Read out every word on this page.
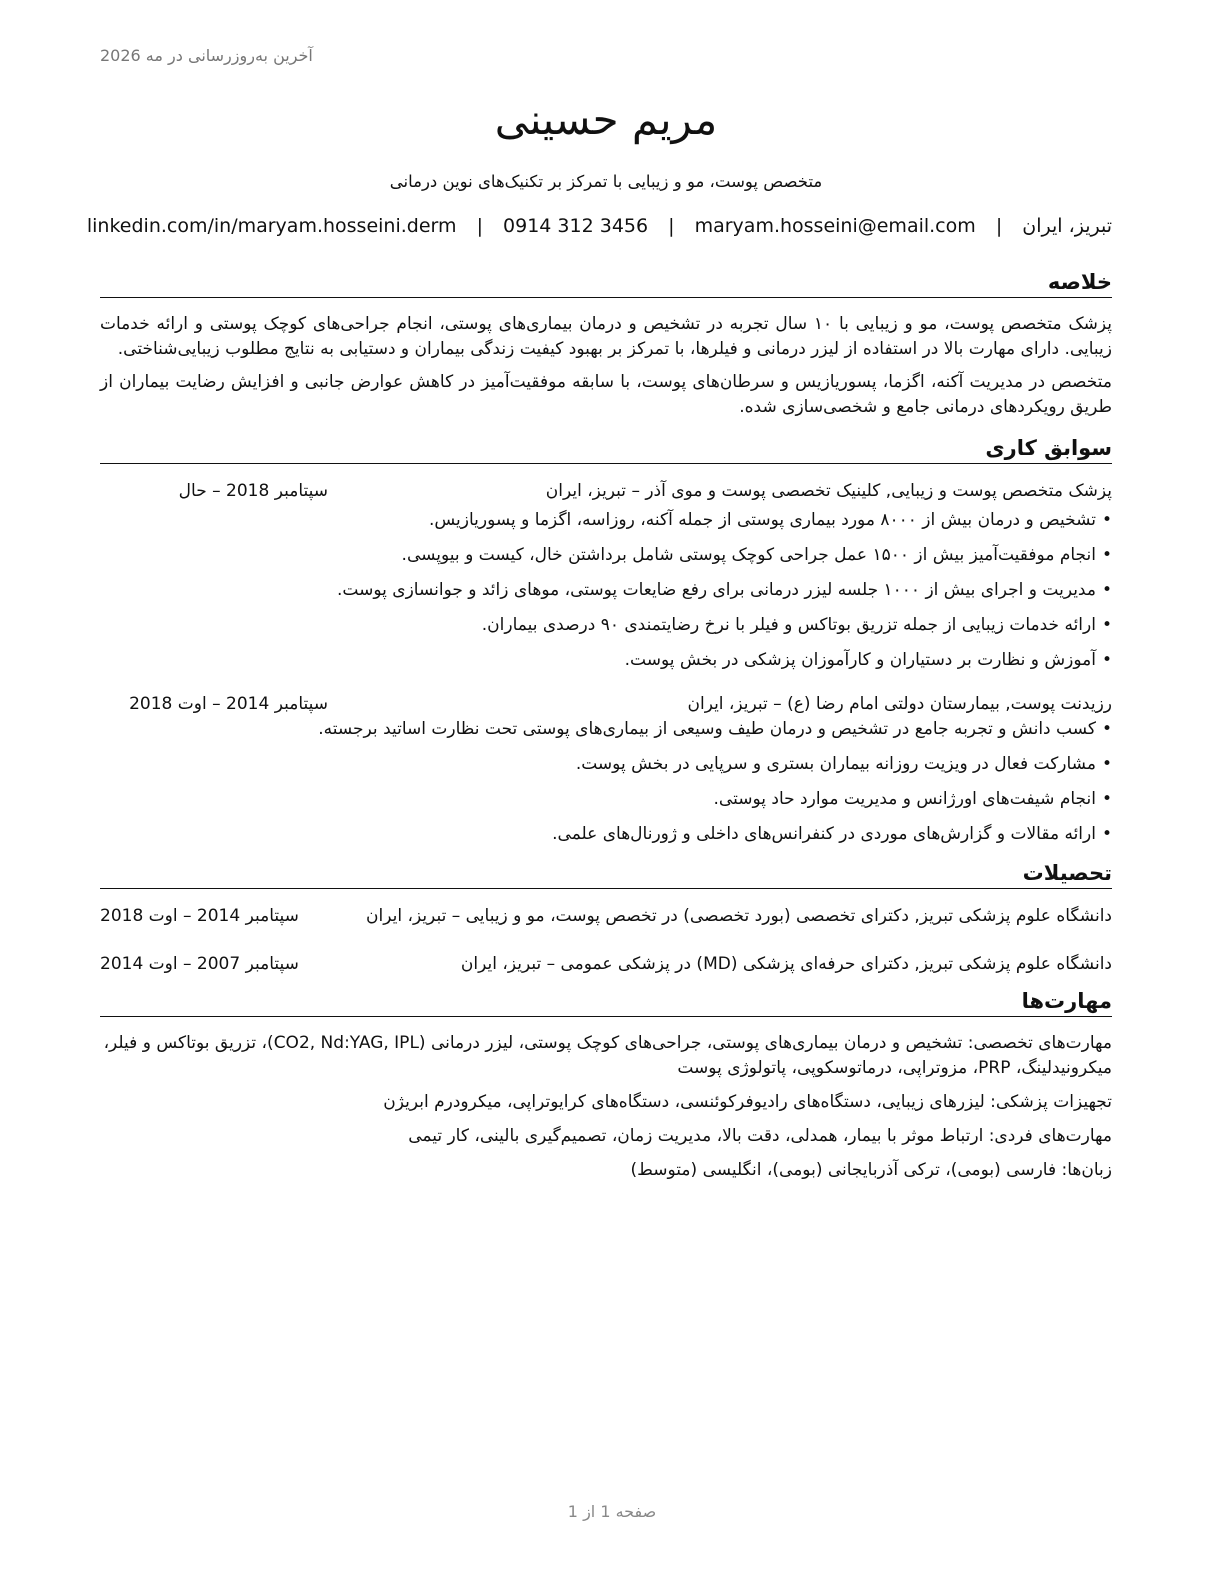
آخرین به‌روزرسانی در مه 2026
مریم حسینی
متخصص پوست، مو و زیبایی با تمرکز بر تکنیک‌های نوین درمانی
تبریز، ایران | maryam.hosseini@email.com | 0914 312 3456 | linkedin.com/in/maryam.hosseini.derm
خلاصه

پزشک متخصص پوست، مو و زیبایی با ۱۰ سال تجربه در تشخیص و درمان بیماری‌های پوستی، انجام جراحی‌های کوچک پوستی و ارائه خدمات زیبایی. دارای مهارت بالا در استفاده از لیزر درمانی و فیلرها، با تمرکز بر بهبود کیفیت زندگی بیماران و دستیابی به نتایج مطلوب زیبایی‌شناختی.

متخصص در مدیریت آکنه، اگزما، پسوریازیس و سرطان‌های پوست، با سابقه موفقیت‌آمیز در کاهش عوارض جانبی و افزایش رضایت بیماران از طریق رویکردهای درمانی جامع و شخصی‌سازی شده.

سوابق کاری
پزشک متخصص پوست و زیبایی, کلینیک تخصصی پوست و موی آذر – تبریز، ایران
سپتامبر 2018 – حال
•تشخیص و درمان بیش از ۸۰۰۰ مورد بیماری پوستی از جمله آکنه، روزاسه، اگزما و پسوریازیس.
•انجام موفقیت‌آمیز بیش از ۱۵۰۰ عمل جراحی کوچک پوستی شامل برداشتن خال، کیست و بیوپسی.
•مدیریت و اجرای بیش از ۱۰۰۰ جلسه لیزر درمانی برای رفع ضایعات پوستی، موهای زائد و جوانسازی پوست.
•ارائه خدمات زیبایی از جمله تزریق بوتاکس و فیلر با نرخ رضایتمندی ۹۰ درصدی بیماران.
•آموزش و نظارت بر دستیاران و کارآموزان پزشکی در بخش پوست.
رزیدنت پوست, بیمارستان دولتی امام رضا (ع) – تبریز، ایران
سپتامبر 2014 – اوت 2018
•کسب دانش و تجربه جامع در تشخیص و درمان طیف وسیعی از بیماری‌های پوستی تحت نظارت اساتید برجسته.
•مشارکت فعال در ویزیت روزانه بیماران بستری و سرپایی در بخش پوست.
•انجام شیفت‌های اورژانس و مدیریت موارد حاد پوستی.
•ارائه مقالات و گزارش‌های موردی در کنفرانس‌های داخلی و ژورنال‌های علمی.
تحصیلات
دانشگاه علوم پزشکی تبریز, دکترای تخصصی (بورد تخصصی) در تخصص پوست، مو و زیبایی – تبریز، ایران
سپتامبر 2014 – اوت 2018
دانشگاه علوم پزشکی تبریز, دکترای حرفه‌ای پزشکی (MD) در پزشکی عمومی – تبریز، ایران
سپتامبر 2007 – اوت 2014
مهارت‌ها

مهارت‌های تخصصی: تشخیص و درمان بیماری‌های پوستی، جراحی‌های کوچک پوستی، لیزر درمانی (CO2, Nd:YAG, IPL)، تزریق بوتاکس و فیلر، میکرونیدلینگ، PRP، مزوتراپی، درماتوسکوپی، پاتولوژی پوست

تجهیزات پزشکی: لیزرهای زیبایی، دستگاه‌های رادیوفرکوئنسی، دستگاه‌های کرایوتراپی، میکرودرم ابریژن

مهارت‌های فردی: ارتباط موثر با بیمار، همدلی، دقت بالا، مدیریت زمان، تصمیم‌گیری بالینی، کار تیمی

زبان‌ها: فارسی (بومی)، ترکی آذربایجانی (بومی)، انگلیسی (متوسط)

صفحه 1 از 1
